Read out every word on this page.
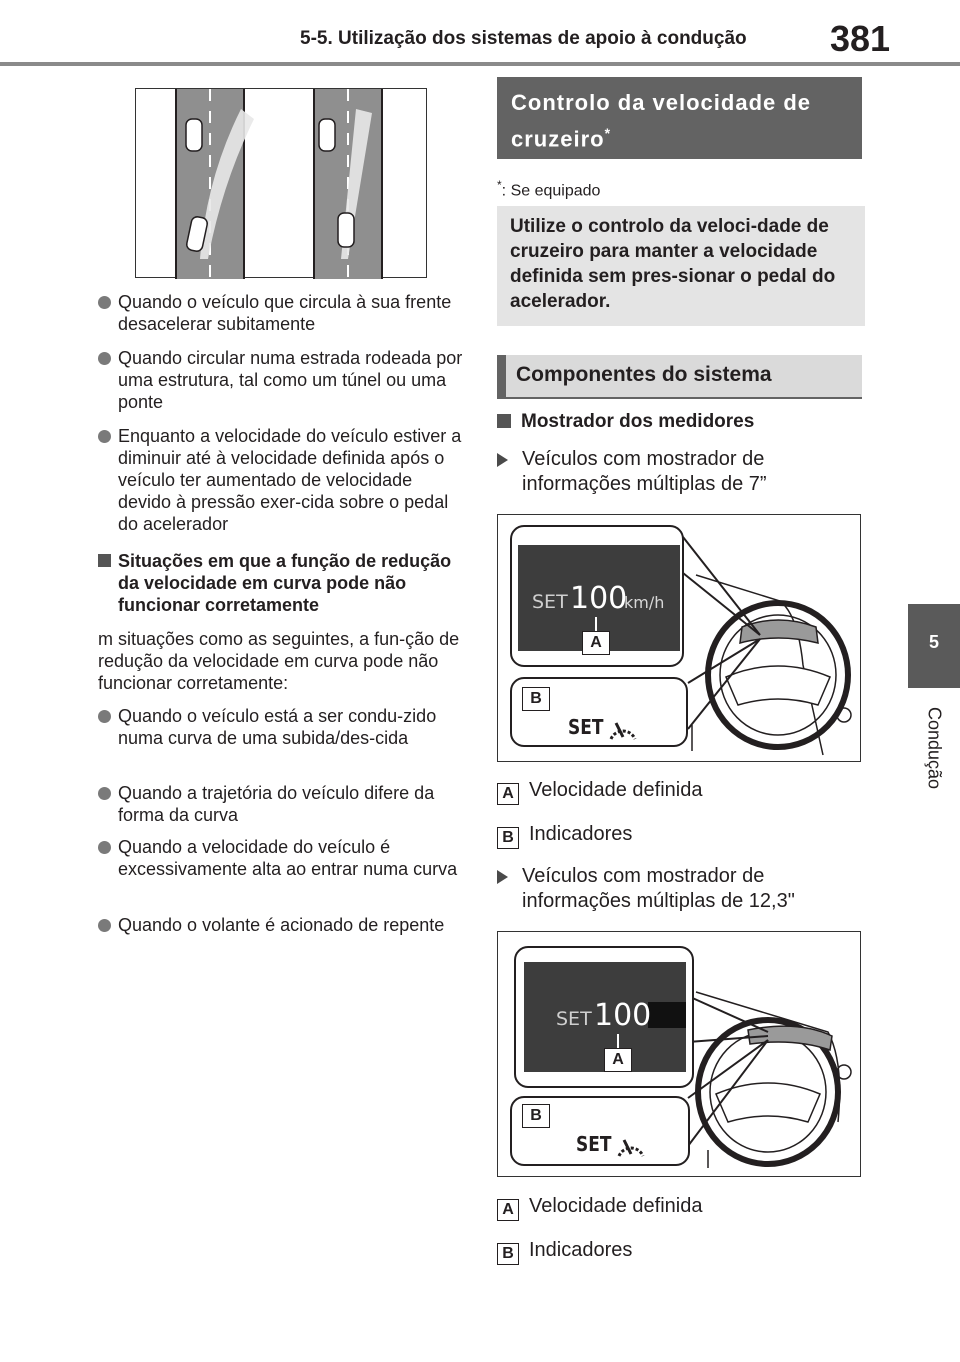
5-5. Utilização dos sistemas de apoio à condução 381
5
Condução
Quando o veículo que circula à sua frente desacelerar subitamente
Quando circular numa estrada rodeada por uma estrutura, tal como um túnel ou uma ponte
Enquanto a velocidade do veículo estiver a diminuir até à velocidade definida após o veículo ter aumentado de velocidade devido à pressão exer-cida sobre o pedal do acelerador
Situações em que a função de redução da velocidade em curva pode não funcionar corretamente
m situações como as seguintes, a fun-ção de redução da velocidade em curva pode não funcionar corretamente:
Quando o veículo está a ser condu-zido numa curva de uma subida/des-cida
Quando a trajetória do veículo difere da forma da curva
Quando a velocidade do veículo é excessivamente alta ao entrar numa curva
Quando o volante é acionado de repente
Controlo da velocidade de cruzeiro*
*: Se equipado
Utilize o controlo da veloci-dade de cruzeiro para manter a velocidade definida sem pres-sionar o pedal do acelerador.
Componentes do sistema
Mostrador dos medidores
Veículos com mostrador de informações múltiplas de 7”
SET 100
km/h
A
B
SET
A Velocidade definida
B Indicadores
Veículos com mostrador de informações múltiplas de 12,3"
SET 100
A
B
SET
A Velocidade definida
B Indicadores
